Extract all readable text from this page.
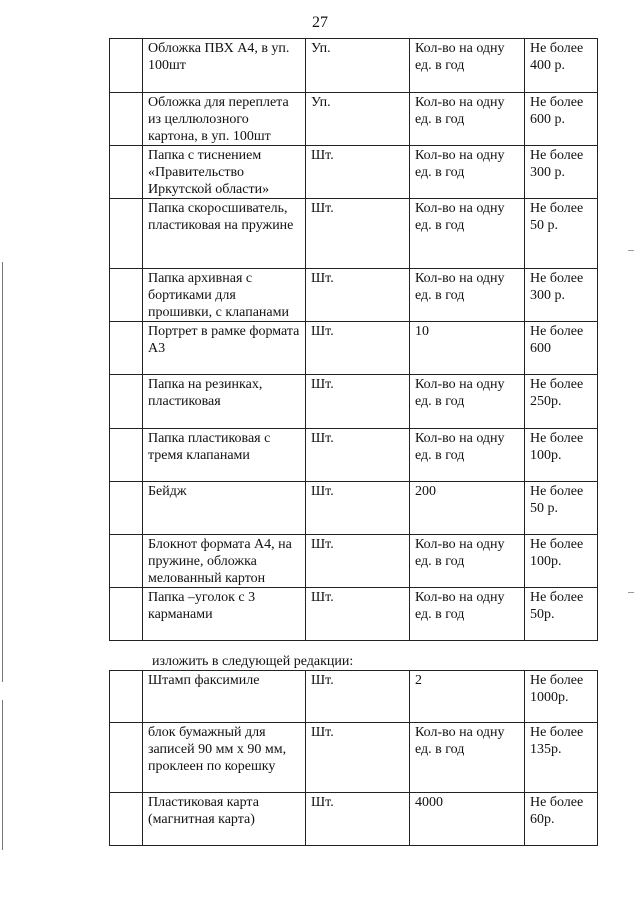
27
	Обложка ПВХ А4, в уп. 100шт	Уп.	Кол-во на одну ед. в год	Не более 400 р.
	Обложка для переплета из целлюлозного картона, в уп. 100шт	Уп.	Кол-во на одну ед. в год	Не более 600 р.
	Папка с тиснением «Правительство Иркутской области»	Шт.	Кол-во на одну ед. в год	Не более 300 р.
	Папка скоросшиватель, пластиковая на пружине	Шт.	Кол-во на одну ед. в год	Не более 50 р.
	Папка архивная с бортиками для прошивки, с клапанами	Шт.	Кол-во на одну ед. в год	Не более 300 р.
	Портрет в рамке формата А3	Шт.	10	Не более 600
	Папка на резинках, пластиковая	Шт.	Кол-во на одну ед. в год	Не более 250р.
	Папка пластиковая с тремя клапанами	Шт.	Кол-во на одну ед. в год	Не более 100р.
	Бейдж	Шт.	200	Не более 50 р.
	Блокнот формата А4, на пружине, обложка мелованный картон	Шт.	Кол-во на одну ед. в год	Не более 100р.
	Папка –уголок с 3 карманами	Шт.	Кол-во на одну ед. в год	Не более 50р.
изложить в следующей редакции:
	Штамп факсимиле	Шт.	2	Не более 1000р.
	блок бумажный для записей 90 мм х 90 мм, проклеен по корешку	Шт.	Кол-во на одну ед. в год	Не более 135р.
	Пластиковая карта (магнитная карта)	Шт.	4000	Не более 60р.
